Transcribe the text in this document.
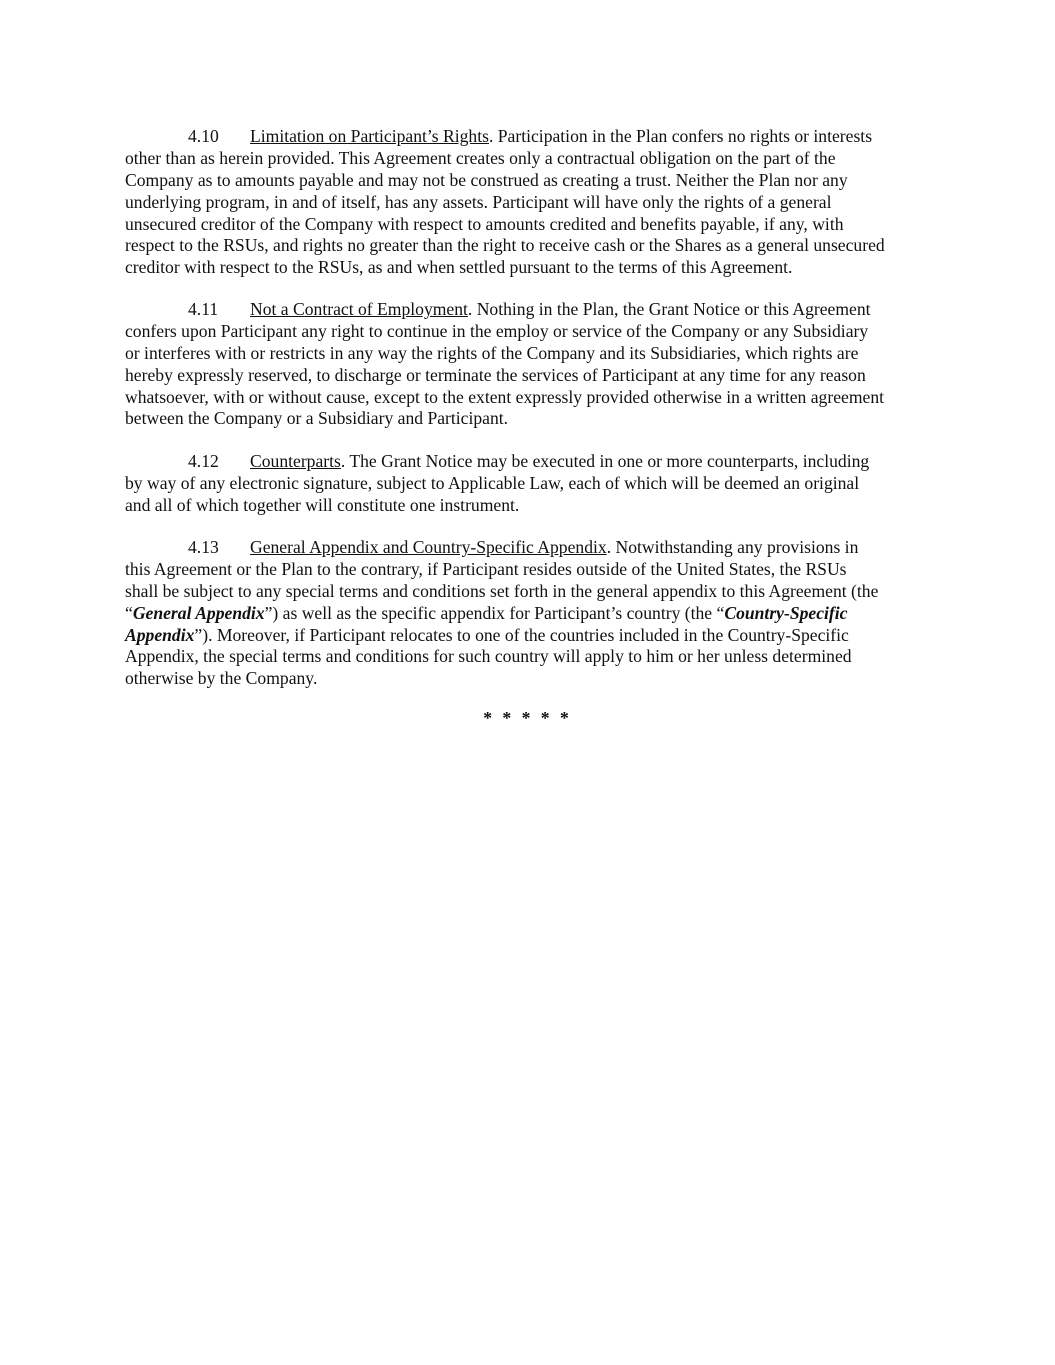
4.10 Limitation on Participant’s Rights. Participation in the Plan confers no rights or interests
other than as herein provided. This Agreement creates only a contractual obligation on the part of the
Company as to amounts payable and may not be construed as creating a trust. Neither the Plan nor any
underlying program, in and of itself, has any assets. Participant will have only the rights of a general
unsecured creditor of the Company with respect to amounts credited and benefits payable, if any, with
respect to the RSUs, and rights no greater than the right to receive cash or the Shares as a general unsecured
creditor with respect to the RSUs, as and when settled pursuant to the terms of this Agreement.
4.11 Not a Contract of Employment. Nothing in the Plan, the Grant Notice or this Agreement
confers upon Participant any right to continue in the employ or service of the Company or any Subsidiary
or interferes with or restricts in any way the rights of the Company and its Subsidiaries, which rights are
hereby expressly reserved, to discharge or terminate the services of Participant at any time for any reason
whatsoever, with or without cause, except to the extent expressly provided otherwise in a written agreement
between the Company or a Subsidiary and Participant.
4.12 Counterparts. The Grant Notice may be executed in one or more counterparts, including
by way of any electronic signature, subject to Applicable Law, each of which will be deemed an original
and all of which together will constitute one instrument.
4.13 General Appendix and Country-Specific Appendix. Notwithstanding any provisions in
this Agreement or the Plan to the contrary, if Participant resides outside of the United States, the RSUs
shall be subject to any special terms and conditions set forth in the general appendix to this Agreement (the
“General Appendix”) as well as the specific appendix for Participant’s country (the “Country-Specific
Appendix”). Moreover, if Participant relocates to one of the countries included in the Country-Specific
Appendix, the special terms and conditions for such country will apply to him or her unless determined
otherwise by the Company.
* * * * *
